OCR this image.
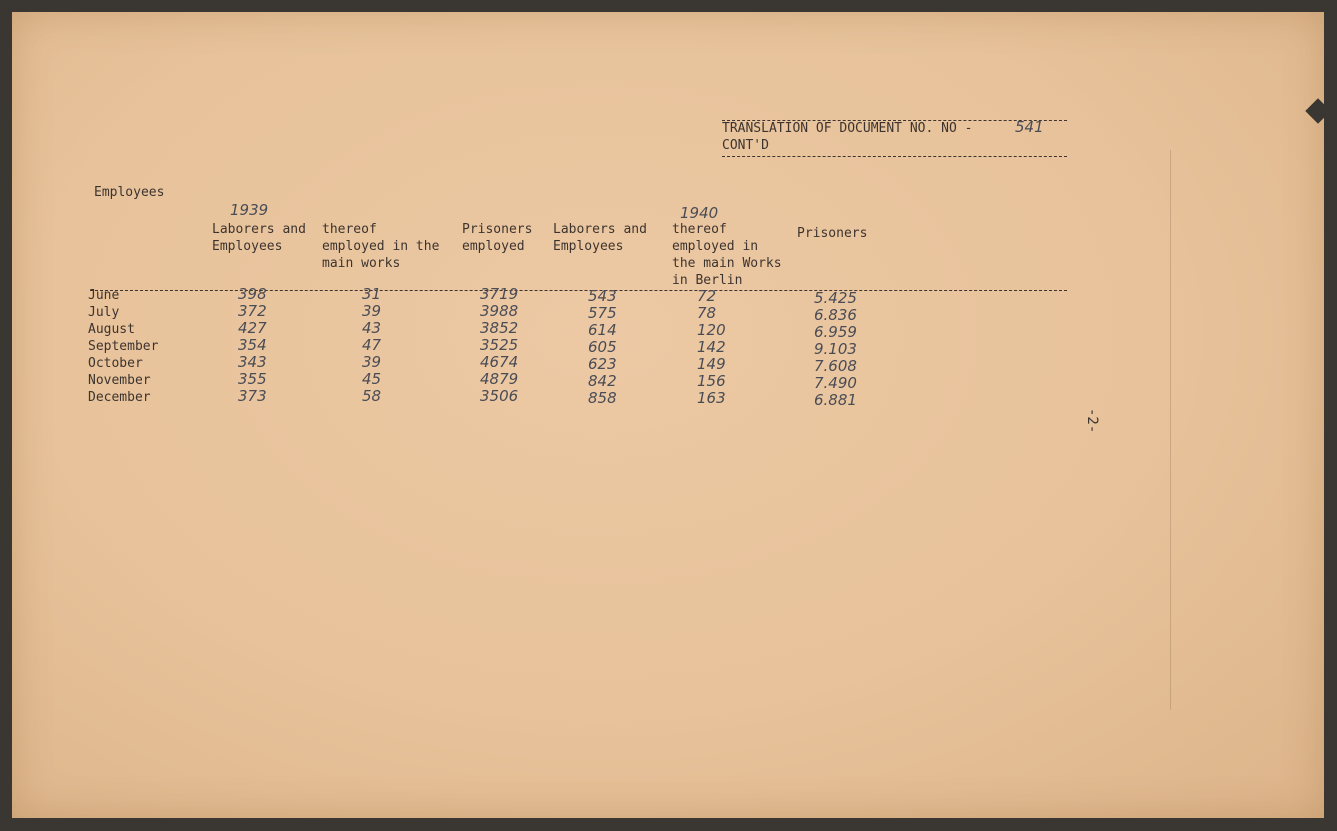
TRANSLATION OF DOCUMENT NO. NO - 541
CONT'D
Employees
1939	1940
Laborers and
Employees
thereof
employed in the
main works
Prisoners
employed
Laborers and
Employees
thereof
employed in
the main Works
in Berlin
Prisoners
June	398	31	3719	543	72	5.425
July	372	39	3988	575	78	6.836
August	427	43	3852	614	120	6.959
September	354	47	3525	605	142	9.103
October	343	39	4674	623	149	7.608
November	355	45	4879	842	156	7.490
December	373	58	3506	858	163	6.881
-2-
